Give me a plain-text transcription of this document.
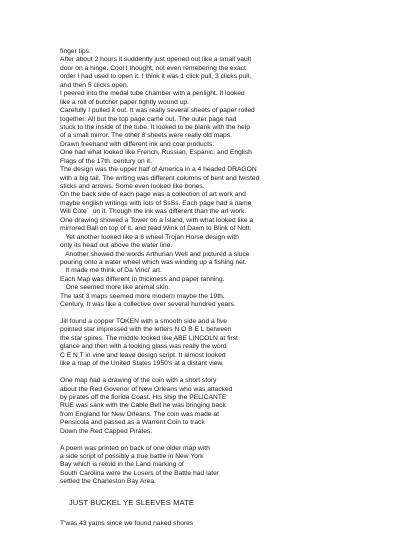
finger tips.
After about 2 hours it suddently just opened out like a small vault
door on a hinge. Cool I thought, not even remebering the exact
order I had used to open it. I think it was 1 click pull, 3 clicks pull,
and then 5 clicks open.
I peered into the medal tube chamber with a penlight. It looked
like a roll of butcher paper tightly wound up.
Carefully I pulled it out. It was really several sheets of paper rolled
together. All but the top page came out. The outer page had
stuck to the inside of the tube. It looked to be blank with the help
of a small mirror. The other 8 sheets were really old maps.
Drawn freehand with different ink and coal products.
One had what looked like French, Russian, Espanic, and English
Flags of the 17th. century on it.
The design was the upper half of America in a 4 headed DRAGON
with a big tail. The writing was different columns of bent and twisted
sticks and arrows. Some even looked like bones.
On the back side of each page was a collection of art work and
maybe english writings with lots of SsSs. Each page had a name
Will Cote`  on it. Though the ink was different than the art work.
One drawing showed a Tower on a Island, with what looked like a
mirrored Ball on top of it, and read Wink of Dawn to Blink of Nott.
Yet another looked like a 8 wheel Trojan Horse design with
only its head out above the water line.
Another showed the words Arthurian Well and pictured a sluce
pouring onto a water wheel which was winding up a fishing net.
It made me think of Da Vinci' art.
Each Map was different In thickness and paper tanning.
One seemed more like animal skin.
The last 3 maps seemed more modern maybe the 19th.
Century. It was like a collective over several hundred years.
Jill found a copper TOKEN with a smooth side and a five
pointed star impressed with the letters N O B E L between
the star spires. The middle looked like ABE LINCOLN at first
glance and then with a looking glass was really the word
C E N T in vine and leave design script. It almost looked
like a map of the United States 1950's at a distant view.
One map had a drawing of the coin with a short story
about the Red Govenor of New Orleans who was attacked
by pirates off the florida Coast. His ship the PELICANTE'
RUE was sank with the Cable Bell he was bringing back
from England for New Orleans. The coin was made at
Pensicola and passed as a Warrent Coin to track
Down the Red Capped Pirates.
A poem was printed on back of one older map with
a side script of possibly a true battle in New York
Bay which is retold in the Land marking of
South Carolina were the Losers of the Battle had later
settled the Charleston Bay Area.
JUST BUCKEL YE SLEEVES MATE
T'was 43 yarns since we found naked shores
